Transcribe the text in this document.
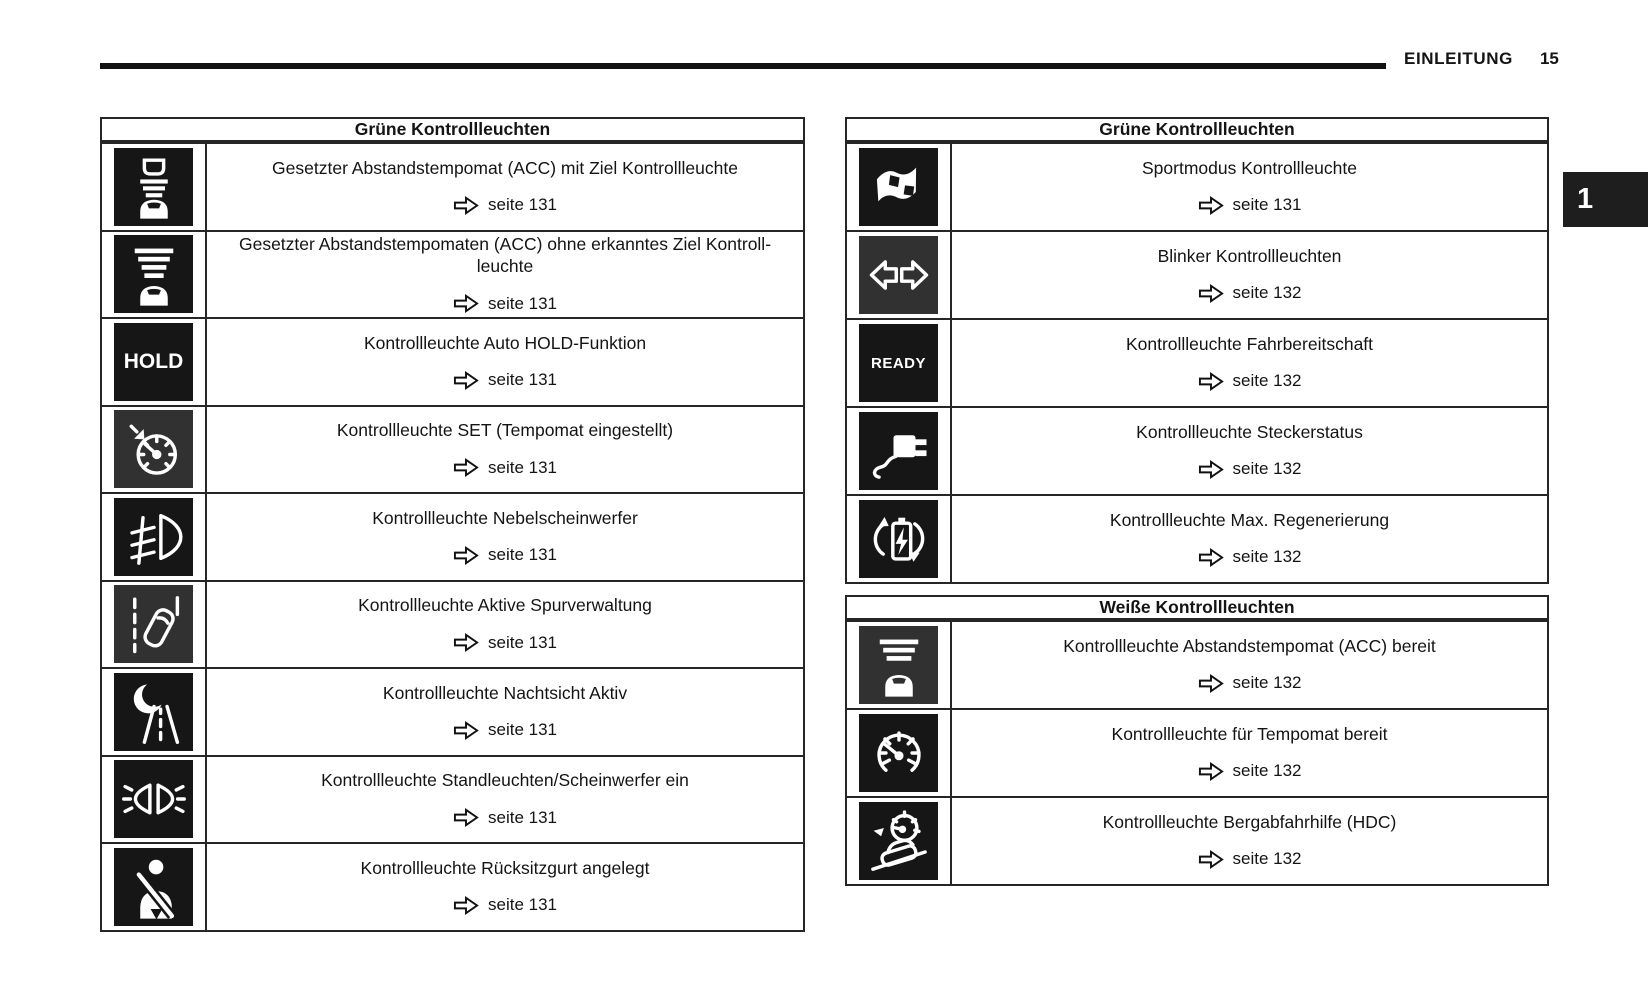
EINLEITUNG 15
1
Grüne Kontrollleuchten
Gesetzter Abstandstempomat (ACC) mit Ziel Kontrollleuchte
seite 131
Gesetzter Abstandstempomaten (ACC) ohne erkanntes Ziel Kontroll-leuchte
seite 131
HOLD
Kontrollleuchte Auto HOLD-Funktion
seite 131
Kontrollleuchte SET (Tempomat eingestellt)
seite 131
Kontrollleuchte Nebelscheinwerfer
seite 131
Kontrollleuchte Aktive Spurverwaltung
seite 131
Kontrollleuchte Nachtsicht Aktiv
seite 131
Kontrollleuchte Standleuchten/Scheinwerfer ein
seite 131
Kontrollleuchte Rücksitzgurt angelegt
seite 131
Grüne Kontrollleuchten
Sportmodus Kontrollleuchte
seite 131
Blinker Kontrollleuchten
seite 132
READY
Kontrollleuchte Fahrbereitschaft
seite 132
Kontrollleuchte Steckerstatus
seite 132
Kontrollleuchte Max. Regenerierung
seite 132
Weiße Kontrollleuchten
Kontrollleuchte Abstandstempomat (ACC) bereit
seite 132
Kontrollleuchte für Tempomat bereit
seite 132
Kontrollleuchte Bergabfahrhilfe (HDC)
seite 132
